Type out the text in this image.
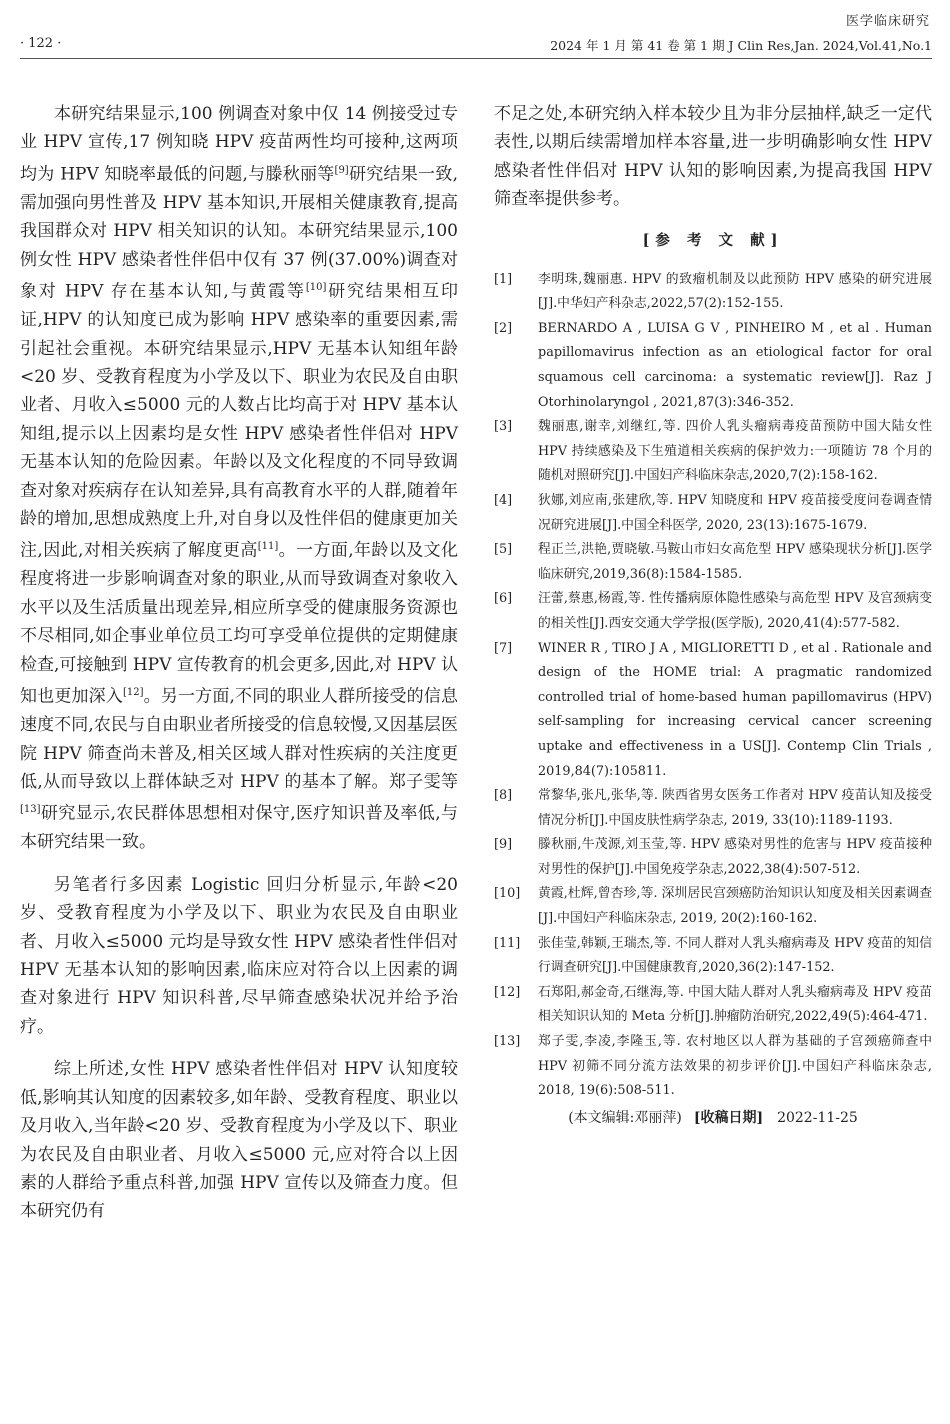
医学临床研究
· 122 ·	2024 年 1 月 第 41 卷 第 1 期 J Clin Res,Jan. 2024,Vol.41,No.1

本研究结果显示,100 例调查对象中仅 14 例接受过专业 HPV 宣传,17 例知晓 HPV 疫苗两性均可接种,这两项均为 HPV 知晓率最低的问题,与滕秋丽等[9]研究结果一致,需加强向男性普及 HPV 基本知识,开展相关健康教育,提高我国群众对 HPV 相关知识的认知。本研究结果显示,100 例女性 HPV 感染者性伴侣中仅有 37 例(37.00%)调查对象对 HPV 存在基本认知,与黄霞等[10]研究结果相互印证,HPV 的认知度已成为影响 HPV 感染率的重要因素,需引起社会重视。本研究结果显示,HPV 无基本认知组年龄<20 岁、受教育程度为小学及以下、职业为农民及自由职业者、月收入≤5000 元的人数占比均高于对 HPV 基本认知组,提示以上因素均是女性 HPV 感染者性伴侣对 HPV 无基本认知的危险因素。年龄以及文化程度的不同导致调查对象对疾病存在认知差异,具有高教育水平的人群,随着年龄的增加,思想成熟度上升,对自身以及性伴侣的健康更加关注,因此,对相关疾病了解度更高[11]。一方面,年龄以及文化程度将进一步影响调查对象的职业,从而导致调查对象收入水平以及生活质量出现差异,相应所享受的健康服务资源也不尽相同,如企事业单位员工均可享受单位提供的定期健康检查,可接触到 HPV 宣传教育的机会更多,因此,对 HPV 认知也更加深入[12]。另一方面,不同的职业人群所接受的信息速度不同,农民与自由职业者所接受的信息较慢,又因基层医院 HPV 筛查尚未普及,相关区域人群对性疾病的关注度更低,从而导致以上群体缺乏对 HPV 的基本了解。郑子雯等[13]研究显示,农民群体思想相对保守,医疗知识普及率低,与本研究结果一致。

另笔者行多因素 Logistic 回归分析显示,年龄<20 岁、受教育程度为小学及以下、职业为农民及自由职业者、月收入≤5000 元均是导致女性 HPV 感染者性伴侣对 HPV 无基本认知的影响因素,临床应对符合以上因素的调查对象进行 HPV 知识科普,尽早筛查感染状况并给予治疗。

综上所述,女性 HPV 感染者性伴侣对 HPV 认知度较低,影响其认知度的因素较多,如年龄、受教育程度、职业以及月收入,当年龄<20 岁、受教育程度为小学及以下、职业为农民及自由职业者、月收入≤5000 元,应对符合以上因素的人群给予重点科普,加强 HPV 宣传以及筛查力度。但本研究仍有

不足之处,本研究纳入样本较少且为非分层抽样,缺乏一定代表性,以期后续需增加样本容量,进一步明确影响女性 HPV 感染者性伴侣对 HPV 认知的影响因素,为提高我国 HPV 筛查率提供参考。

[参 考 文 献]
[1]	李明珠,魏丽惠. HPV 的致瘤机制及以此预防 HPV 感染的研究进展[J].中华妇产科杂志,2022,57(2):152-155.
[2]	BERNARDO A , LUISA G V , PINHEIRO M , et al . Human papillomavirus infection as an etiological factor for oral squamous cell carcinoma: a systematic review[J]. Raz J Otorhinolaryngol , 2021,87(3):346-352.
[3]	魏丽惠,谢幸,刘继红,等. 四价人乳头瘤病毒疫苗预防中国大陆女性 HPV 持续感染及下生殖道相关疾病的保护效力:一项随访 78 个月的随机对照研究[J].中国妇产科临床杂志,2020,7(2):158-162.
[4]	狄娜,刘应南,张建欣,等. HPV 知晓度和 HPV 疫苗接受度问卷调查情况研究进展[J].中国全科医学, 2020, 23(13):1675-1679.
[5]	程正兰,洪艳,贾晓敏.马鞍山市妇女高危型 HPV 感染现状分析[J].医学临床研究,2019,36(8):1584-1585.
[6]	汪蕾,蔡惠,杨霞,等. 性传播病原体隐性感染与高危型 HPV 及宫颈病变的相关性[J].西安交通大学学报(医学版), 2020,41(4):577-582.
[7]	WINER R , TIRO J A , MIGLIORETTI D , et al . Rationale and design of the HOME trial: A pragmatic randomized controlled trial of home-based human papillomavirus (HPV) self-sampling for increasing cervical cancer screening uptake and effectiveness in a US[J]. Contemp Clin Trials , 2019,84(7):105811.
[8]	常黎华,张凡,张华,等. 陕西省男女医务工作者对 HPV 疫苗认知及接受情况分析[J].中国皮肤性病学杂志, 2019, 33(10):1189-1193.
[9]	滕秋丽,牛茂源,刘玉莹,等. HPV 感染对男性的危害与 HPV 疫苗接种对男性的保护[J].中国免疫学杂志,2022,38(4):507-512.
[10]	黄霞,杜辉,曾杏珍,等. 深圳居民宫颈癌防治知识认知度及相关因素调查[J].中国妇产科临床杂志, 2019, 20(2):160-162.
[11]	张佳莹,韩颖,王瑞杰,等. 不同人群对人乳头瘤病毒及 HPV 疫苗的知信行调查研究[J].中国健康教育,2020,36(2):147-152.
[12]	石郑阳,郝金奇,石继海,等. 中国大陆人群对人乳头瘤病毒及 HPV 疫苗相关知识认知的 Meta 分析[J].肿瘤防治研究,2022,49(5):464-471.
[13]	郑子雯,李凌,李隆玉,等. 农村地区以人群为基础的子宫颈癌筛查中 HPV 初筛不同分流方法效果的初步评价[J].中国妇产科临床杂志, 2018, 19(6):508-511.
(本文编辑:邓丽萍) [收稿日期] 2022-11-25
